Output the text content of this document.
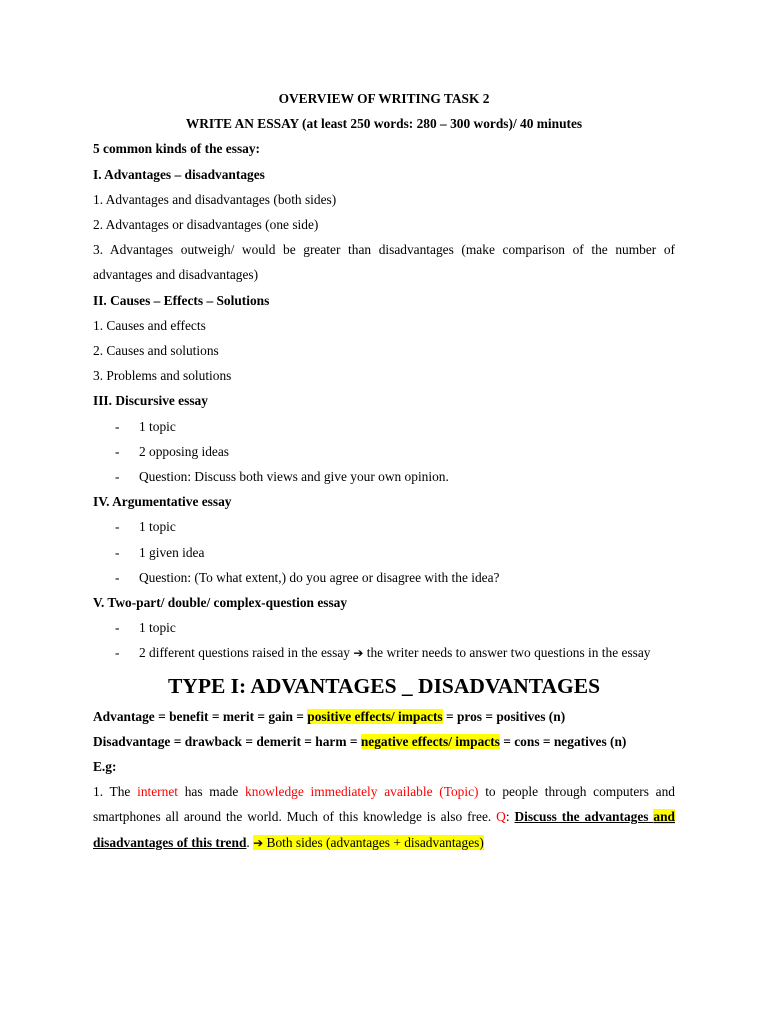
OVERVIEW OF WRITING TASK 2
WRITE AN ESSAY (at least 250 words: 280 – 300 words)/ 40 minutes
5 common kinds of the essay:
I. Advantages – disadvantages
1. Advantages and disadvantages (both sides)
2. Advantages or disadvantages (one side)
3. Advantages outweigh/ would be greater than disadvantages (make comparison of the number of advantages and disadvantages)
II. Causes – Effects – Solutions
1. Causes and effects
2. Causes and solutions
3. Problems and solutions
III. Discursive essay
- 1 topic
- 2 opposing ideas
- Question: Discuss both views and give your own opinion.
IV. Argumentative essay
- 1 topic
- 1 given idea
- Question: (To what extent,) do you agree or disagree with the idea?
V. Two-part/ double/ complex-question essay
- 1 topic
- 2 different questions raised in the essay ➔ the writer needs to answer two questions in the essay
TYPE I: ADVANTAGES _ DISADVANTAGES
Advantage = benefit = merit = gain = positive effects/ impacts = pros = positives (n)
Disadvantage = drawback = demerit = harm = negative effects/ impacts = cons = negatives (n)
E.g:
1. The internet has made knowledge immediately available (Topic) to people through computers and smartphones all around the world. Much of this knowledge is also free. Q: Discuss the advantages and disadvantages of this trend. ➔ Both sides (advantages + disadvantages)
